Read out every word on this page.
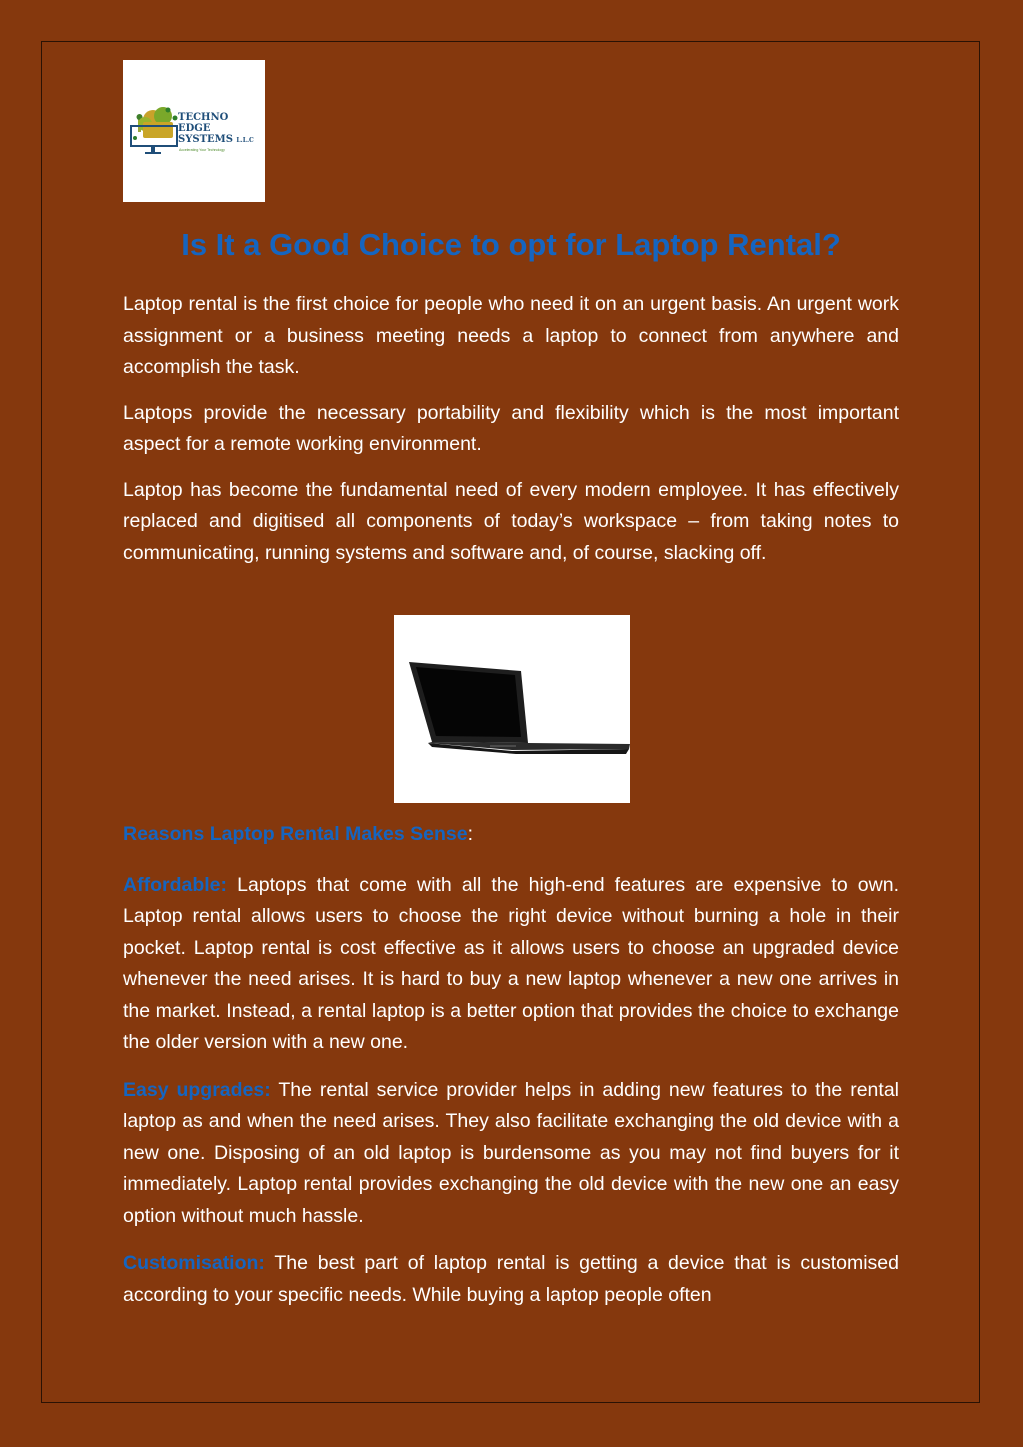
TECHNO
EDGE
SYSTEMS L.L.C
Accelerating Your Technology
Is It a Good Choice to opt for Laptop Rental?

Laptop rental is the first choice for people who need it on an urgent basis. An urgent work assignment or a business meeting needs a laptop to connect from anywhere and accomplish the task.

Laptops provide the necessary portability and flexibility which is the most important aspect for a remote working environment.

Laptop has become the fundamental need of every modern employee. It has effectively replaced and digitised all components of today’s workspace – from taking notes to communicating, running systems and software and, of course, slacking off.

Reasons Laptop Rental Makes Sense:

Affordable: Laptops that come with all the high-end features are expensive to own. Laptop rental allows users to choose the right device without burning a hole in their pocket. Laptop rental is cost effective as it allows users to choose an upgraded device whenever the need arises. It is hard to buy a new laptop whenever a new one arrives in the market. Instead, a rental laptop is a better option that provides the choice to exchange the older version with a new one.

Easy upgrades: The rental service provider helps in adding new features to the rental laptop as and when the need arises. They also facilitate exchanging the old device with a new one. Disposing of an old laptop is burdensome as you may not find buyers for it immediately. Laptop rental provides exchanging the old device with the new one an easy option without much hassle.

Customisation: The best part of laptop rental is getting a device that is customised according to your specific needs. While buying a laptop people often
